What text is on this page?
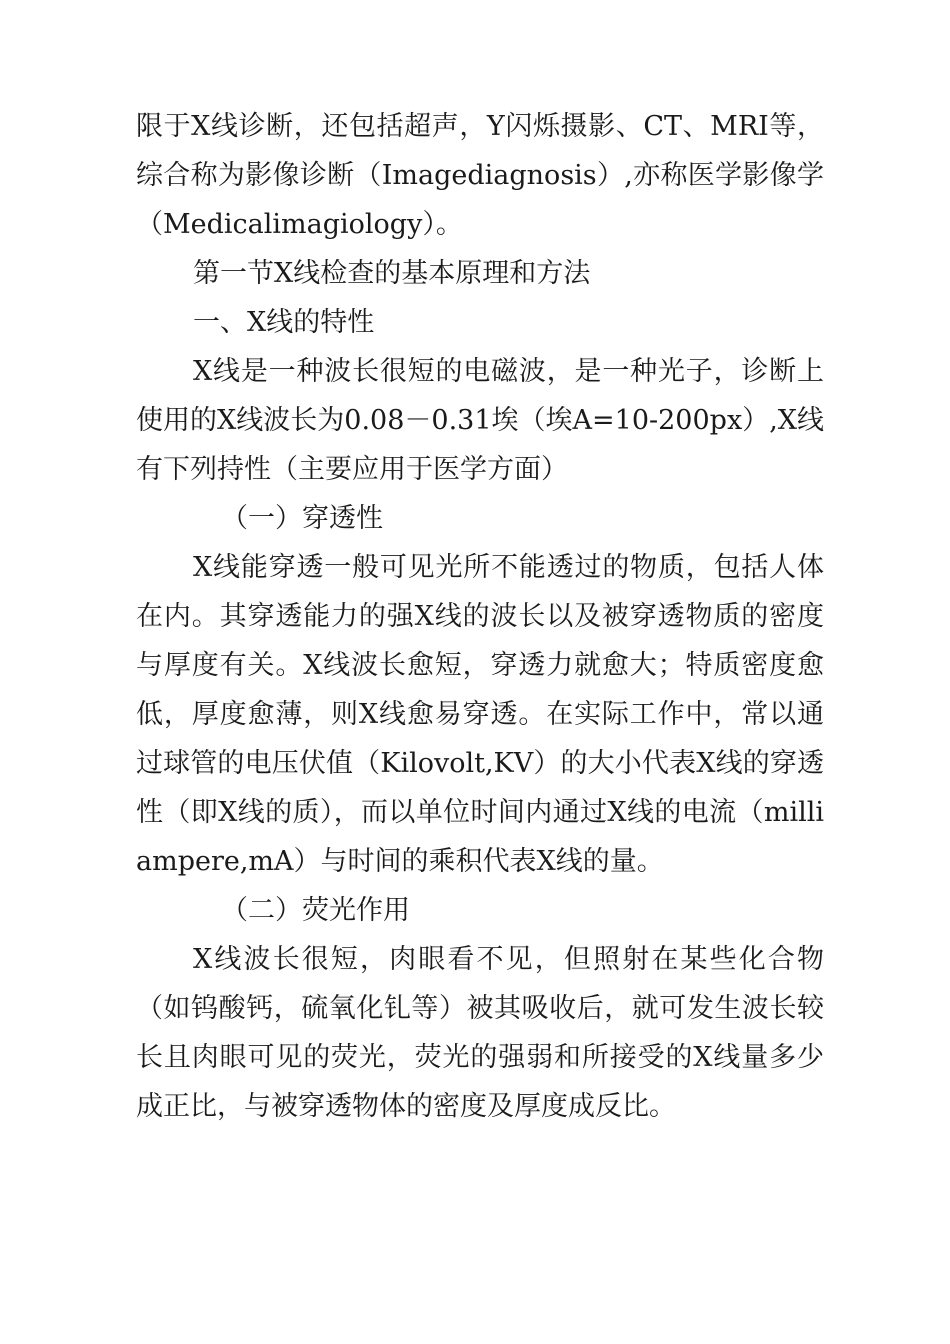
限于X线诊断，还包括超声，Y闪烁摄影、CT、MRI等，综合称为影像诊断（Imagediagnosis）,亦称医学影像学（Medicalimagiology）。

第一节X线检查的基本原理和方法

一、X线的特性

X线是一种波长很短的电磁波，是一种光子，诊断上使用的X线波长为0.08－0.31埃（埃A=10-200px）,X线有下列持性（主要应用于医学方面）

（一）穿透性

X线能穿透一般可见光所不能透过的物质，包括人体在内。其穿透能力的强X线的波长以及被穿透物质的密度与厚度有关。X线波长愈短，穿透力就愈大；特质密度愈低，厚度愈薄，则X线愈易穿透。在实际工作中，常以通过球管的电压伏值（Kilovolt,KV）的大小代表X线的穿透性（即X线的质），而以单位时间内通过X线的电流（milliampere,mA）与时间的乘积代表X线的量。

（二）荧光作用

X线波长很短，肉眼看不见，但照射在某些化合物（如钨酸钙，硫氧化钆等）被其吸收后，就可发生波长较长且肉眼可见的荧光，荧光的强弱和所接受的X线量多少成正比，与被穿透物体的密度及厚度成反比。
